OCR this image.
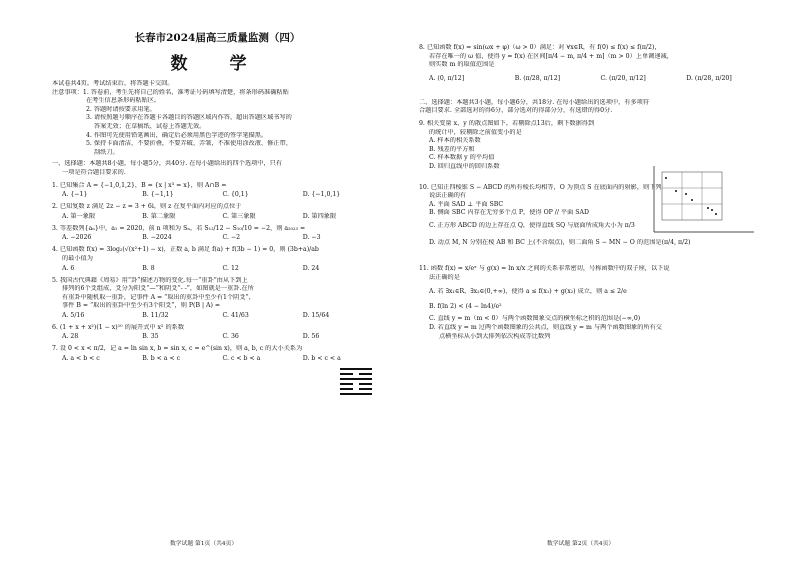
长春市2024届高三质量监测（四）
数 学
本试卷共4页。考试结束后，将答题卡交回。
注意事项：1. 答卷前，考生先将自己的姓名、准考证号码填写清楚，将条形码准确粘贴
在考生信息条形码粘贴区。
2. 答题时请按要求用笔。
3. 请按照题号顺序在答题卡各题目的答题区域内作答，超出答题区域书写的
答案无效；在草稿纸、试卷上答题无效。
4. 作图可先使用铅笔画出，确定后必须用黑色字迹的签字笔描黑。
5. 保持卡面清洁，不要折叠，不要弄破、弄皱，不准使用涂改液、修正带、
刮纸刀。
一、选择题：本题共8小题，每小题5分，共40分. 在每小题给出的四个选项中，只有
一项是符合题目要求的.
1. 已知集合 A = {−1,0,1,2}，B = {x | x³ = x}，则 A∩B =
A. {−1}	B. {−1,1}	C. {0,1}	D. {−1,0,1}
2. 已知复数 z 满足 2z − z = 3 + 6i，则 z 在复平面内对应的点位于
A. 第一象限	B. 第二象限	C. 第三象限	D. 第四象限
3. 等差数列{aₙ}中，a₁ = 2020，前 n 项和为 Sₙ，若 S₁₂/12 − S₁₀/10 = −2，则 a₂₀₂₃ =
A. −2026	B. −2024	C. −2	D. −3
4. 已知函数 f(x) = 3log₂(√(x²+1) − x)，正数 a, b 满足 f(a) + f(3b − 1) = 0，则 (3b+a)/ab
的最小值为
A. 6	B. 8	C. 12	D. 24
5. 我国古代典籍《周易》用“卦”描述万物的变化.每一“重卦”由从下到上
排列的6个爻组成，爻分为阳爻“—”和阴爻“- -”，如图就是一重卦.在所
有重卦中随机取一重卦，记事件 A = “取出的重卦中至少有1个阴爻”，
事件 B = “取出的重卦中至少有3个阳爻”，则 P(B | A) =
A. 5/16	B. 11/32	C. 41/63	D. 15/64
6. (1 + x + x²)(1 − x)¹⁰ 的展开式中 x² 的系数
A. 28	B. 35	C. 36	D. 56
7. 设 0 < x < π/2，记 a = ln sin x, b = sin x, c = e^(sin x)，则 a, b, c 的大小关系为
A. a < b < c	B. b < a < c	C. c < b < a	D. b < c < a
数学试题 第1页（共4页）
8. 已知函数 f(x) = sin(ωx + φ)（ω > 0）满足：对 ∀x∈R，有 f(0) ≤ f(x) ≤ f(π/2)，
若存在唯一的 ω 值，使得 y = f(x) 在区间[π/4 − m, π/4 + m]（m > 0）上单调递减，
则实数 m 的取值范围是
A. (0, π/12]	B. (π/28, π/12]	C. (π/20, π/12]	D. (π/28, π/20]
二、选择题：本题共3小题，每小题6分，共18分. 在每小题给出的选项中，有多项符
合题目要求. 全部选对的得6分，部分选对的得部分分，有选错的得0分.
9. 相关变量 x、y 的散点图如下，若剔除点13后，剩下数据得到
的统计中，较剔除之前值变小的是
A. 样本的相关系数
B. 残差的平方和
C. 样本数据 y 的平均值
D. 回归直线中的回归系数
10. 已知正四棱锥 S − ABCD 的所有棱长均相等，O 为顶点 S 在底面内的射影，则下列
说法正确的有
A. 平面 SAD ⊥ 平面 SBC
B. 侧面 SBC 内存在无穷多个点 P，使得 OP // 平面 SAD
C. 正方形 ABCD 的边上存在点 Q，使得直线 SQ 与底面所成角大小为 π/3
D. 动点 M, N 分别在棱 AB 和 BC 上(不含端点)，则二面角 S − MN − O 的范围是(π/4, π/2)
11. 函数 f(x) = x/eˣ 与 g(x) = ln x/x 之间的关系非常密切，号称函数中的双子座，以下说
法正确的是
A. 若 ∃x₁∈R，∃x₂∈(0,+∞)，使得 a ≤ f(x₁) + g(x₂) 成立，则 a ≤ 2/e
B. f(ln 2) < (4 − ln4)/e²
C. 直线 y = m（m < 0）与两个函数图象交点的横坐标之积的范围是(−∞,0)
D. 若直线 y = m 过两个函数图象的公共点，则直线 y = m 与两个函数图象的所有交
点横坐标从小到大排列依次构成等比数列
数学试题 第2页（共4页）
